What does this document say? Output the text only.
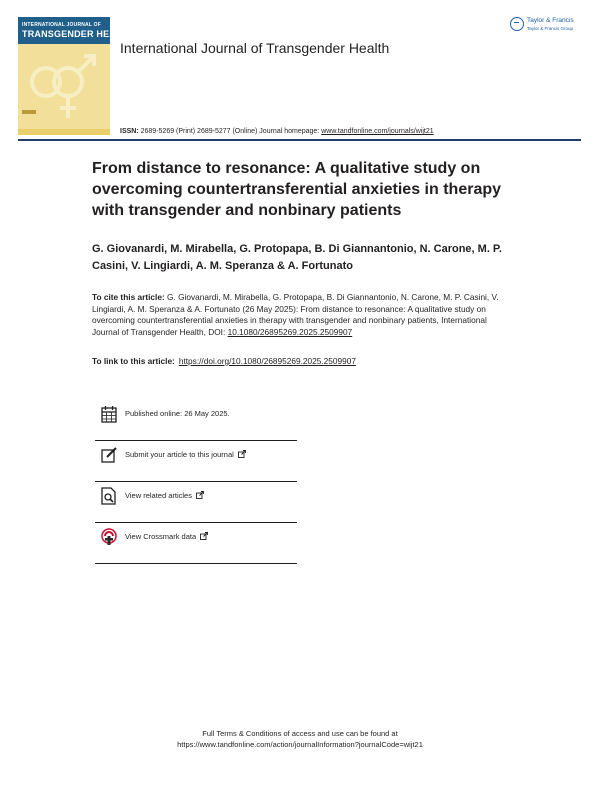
INTERNATIONAL JOURNAL OF
TRANSGENDER HEALTH
Taylor & Francis
Taylor & Francis Group
International Journal of Transgender Health
ISSN: 2689-5269 (Print) 2689-5277 (Online) Journal homepage: www.tandfonline.com/journals/wijt21
From distance to resonance: A qualitative study on overcoming countertransferential anxieties in therapy with transgender and nonbinary patients

G. Giovanardi, M. Mirabella, G. Protopapa, B. Di Giannantonio, N. Carone, M. P. Casini, V. Lingiardi, A. M. Speranza & A. Fortunato

To cite this article: G. Giovanardi, M. Mirabella, G. Protopapa, B. Di Giannantonio, N. Carone, M. P. Casini, V. Lingiardi, A. M. Speranza & A. Fortunato (26 May 2025): From distance to resonance: A qualitative study on overcoming countertransferential anxieties in therapy with transgender and nonbinary patients, International Journal of Transgender Health, DOI: 10.1080/26895269.2025.2509907

To link to this article: https://doi.org/10.1080/26895269.2025.2509907

Published online: 26 May 2025.
Submit your article to this journal
View related articles
View Crossmark data
Full Terms & Conditions of access and use can be found at
https://www.tandfonline.com/action/journalInformation?journalCode=wijt21
